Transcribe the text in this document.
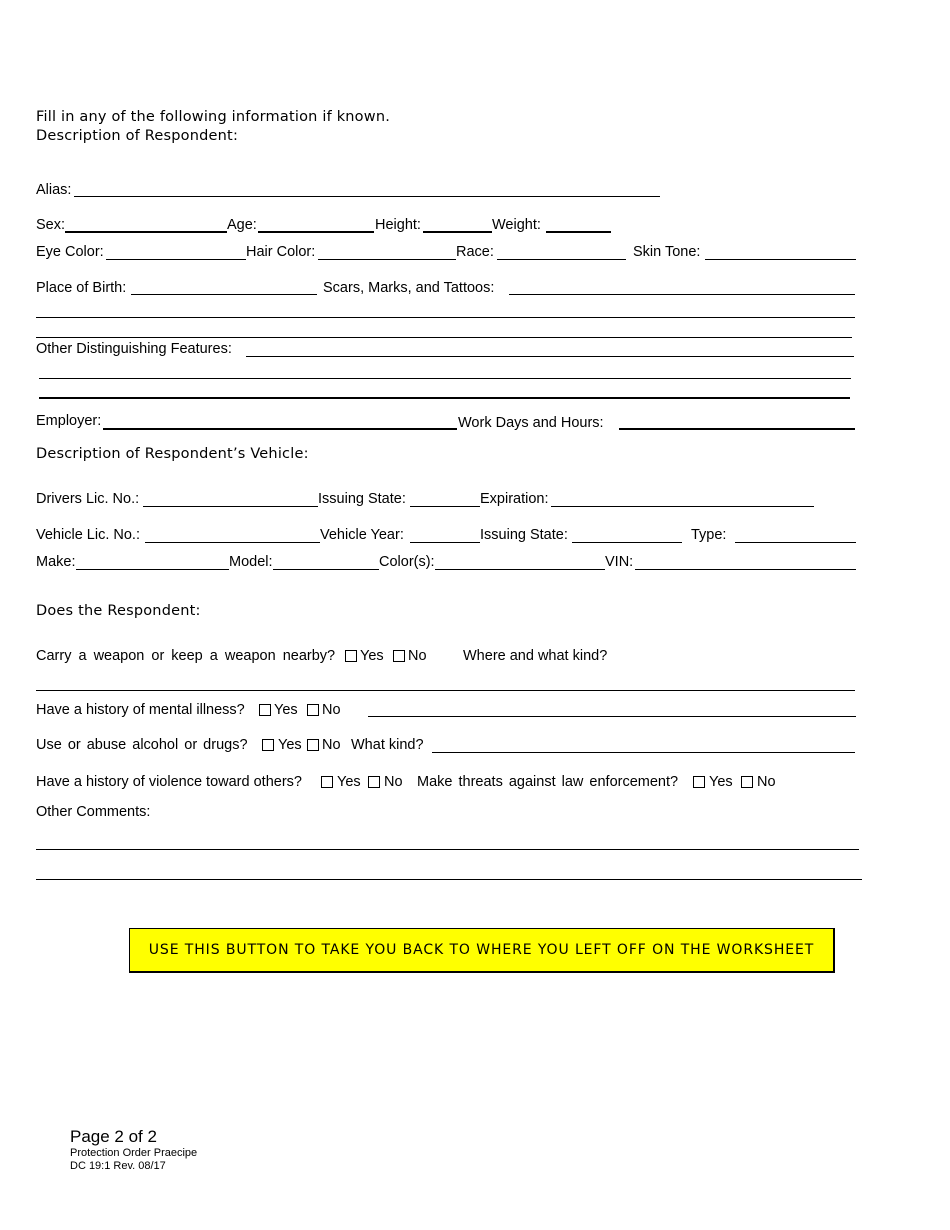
Fill in any of the following information if known.
Description of Respondent:
Alias:
Sex:	Age:	Height:	Weight:
Eye Color:	Hair Color:	Race:	Skin Tone:
Place of Birth:	Scars, Marks, and Tattoos:
Other Distinguishing Features:
Employer:	Work Days and Hours:
Description of Respondent’s Vehicle:
Drivers Lic. No.:	Issuing State:	Expiration:
Vehicle Lic. No.:	Vehicle Year:	Issuing State:	Type:
Make:	Model:	Color(s):	VIN:
Does the Respondent:
Carry a weapon or keep a weapon nearby? Yes No	Where and what kind?
Have a history of mental illness? Yes No
Use or abuse alcohol or drugs? Yes No What kind?
Have a history of violence toward others? Yes No Make threats against law enforcement? Yes No
Other Comments:
USE THIS BUTTON TO TAKE YOU BACK TO WHERE YOU LEFT OFF ON THE WORKSHEET
Page 2 of 2
Protection Order Praecipe
DC 19:1 Rev. 08/17
